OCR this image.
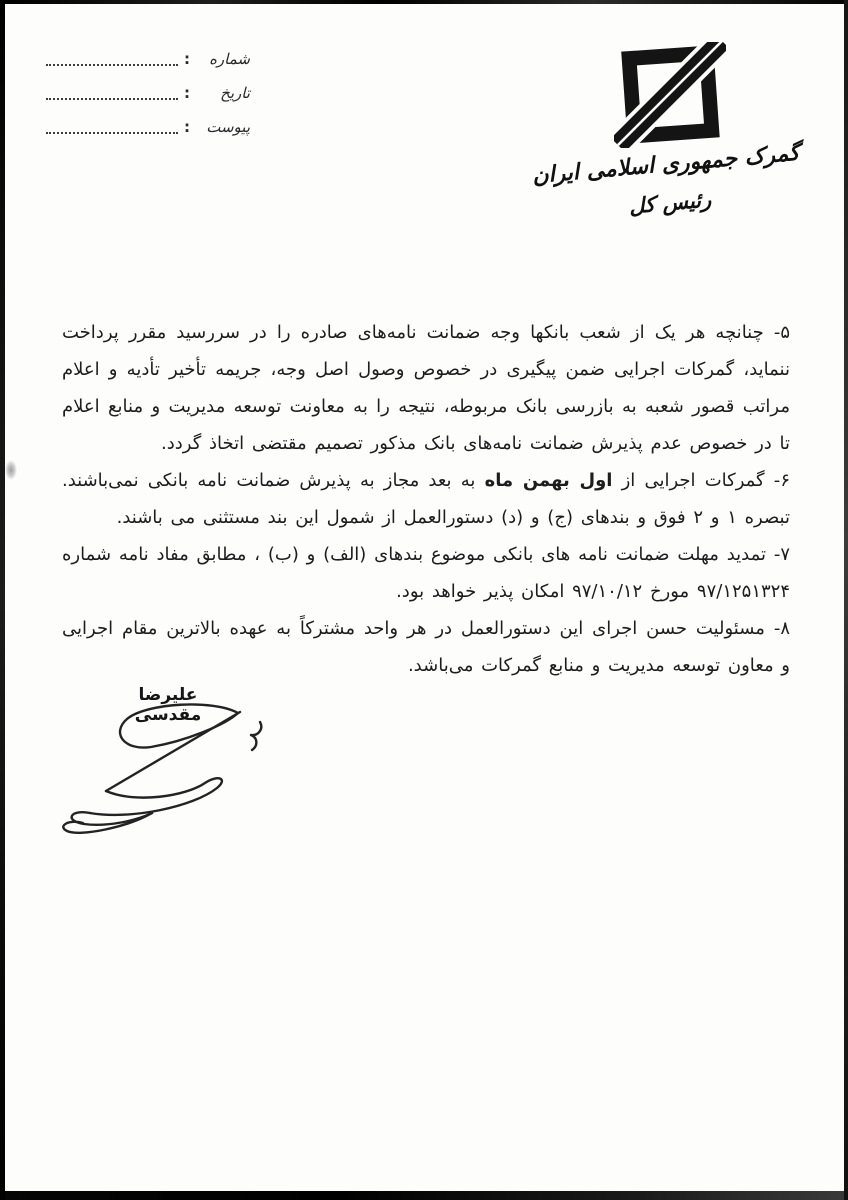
شماره
:
تاریخ
:
پیوست
:
گمرک جمهوری اسلامی ایران
رئیس کل

۵- چنانچه هر یک از شعب بانکها وجه ضمانت نامه‌های صادره را در سررسید مقرر پرداخت ننماید، گمرکات اجرایی ضمن پیگیری در خصوص وصول اصل وجه، جریمه تأخیر تأدیه و اعلام مراتب قصور شعبه به بازرسی بانک مربوطه، نتیجه را به معاونت توسعه مدیریت و منابع اعلام تا در خصوص عدم پذیرش ضمانت نامه‌های بانک مذکور تصمیم مقتضی اتخاذ گردد.

۶- گمرکات اجرایی از اول بهمن ماه به بعد مجاز به پذیرش ضمانت نامه بانکی نمی‌باشند. تبصره ۱ و ۲ فوق و بندهای (ج) و (د) دستورالعمل از شمول این بند مستثنی می باشند.

۷- تمدید مهلت ضمانت نامه های بانکی موضوع بندهای (الف) و (ب) ، مطابق مفاد نامه شماره ۹۷/۱۲۵۱۳۲۴ مورخ ۹۷/۱۰/۱۲ امکان پذیر خواهد بود.

۸- مسئولیت حسن اجرای این دستورالعمل در هر واحد مشترکاً به عهده بالاترین مقام اجرایی و معاون توسعه مدیریت و منابع گمرکات می‌باشد.

علیرضا مقدسی
